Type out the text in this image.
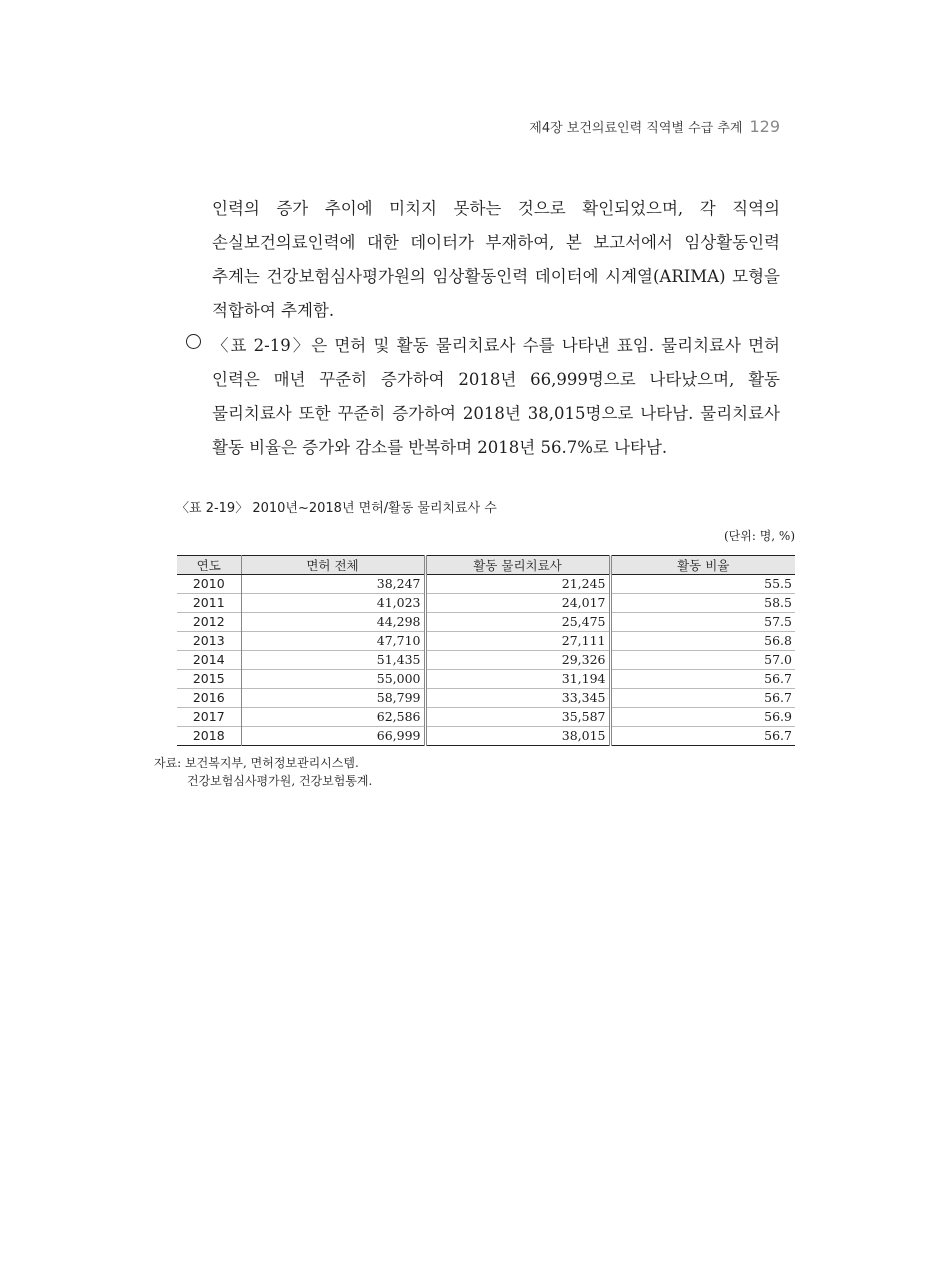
제4장 보건의료인력 직역별 수급 추계 129
인력의 증가 추이에 미치지 못하는 것으로 확인되었으며, 각 직역의 손실보건의료인력에 대한 데이터가 부재하여, 본 보고서에서 임상활동인력 추계는 건강보험심사평가원의 임상활동인력 데이터에 시계열(ARIMA) 모형을 적합하여 추계함.
〈표 2-19〉은 면허 및 활동 물리치료사 수를 나타낸 표임. 물리치료사 면허 인력은 매년 꾸준히 증가하여 2018년 66,999명으로 나타났으며, 활동 물리치료사 또한 꾸준히 증가하여 2018년 38,015명으로 나타남. 물리치료사 활동 비율은 증가와 감소를 반복하며 2018년 56.7%로 나타남.
〈표 2-19〉 2010년~2018년 면허/활동 물리치료사 수
(단위: 명, %)
연도	면허 전체	활동 물리치료사	활동 비율
2010	38,247	21,245	55.5
2011	41,023	24,017	58.5
2012	44,298	25,475	57.5
2013	47,710	27,111	56.8
2014	51,435	29,326	57.0
2015	55,000	31,194	56.7
2016	58,799	33,345	56.7
2017	62,586	35,587	56.9
2018	66,999	38,015	56.7
자료: 보건복지부, 면허정보관리시스템.
건강보험심사평가원, 건강보험통계.
